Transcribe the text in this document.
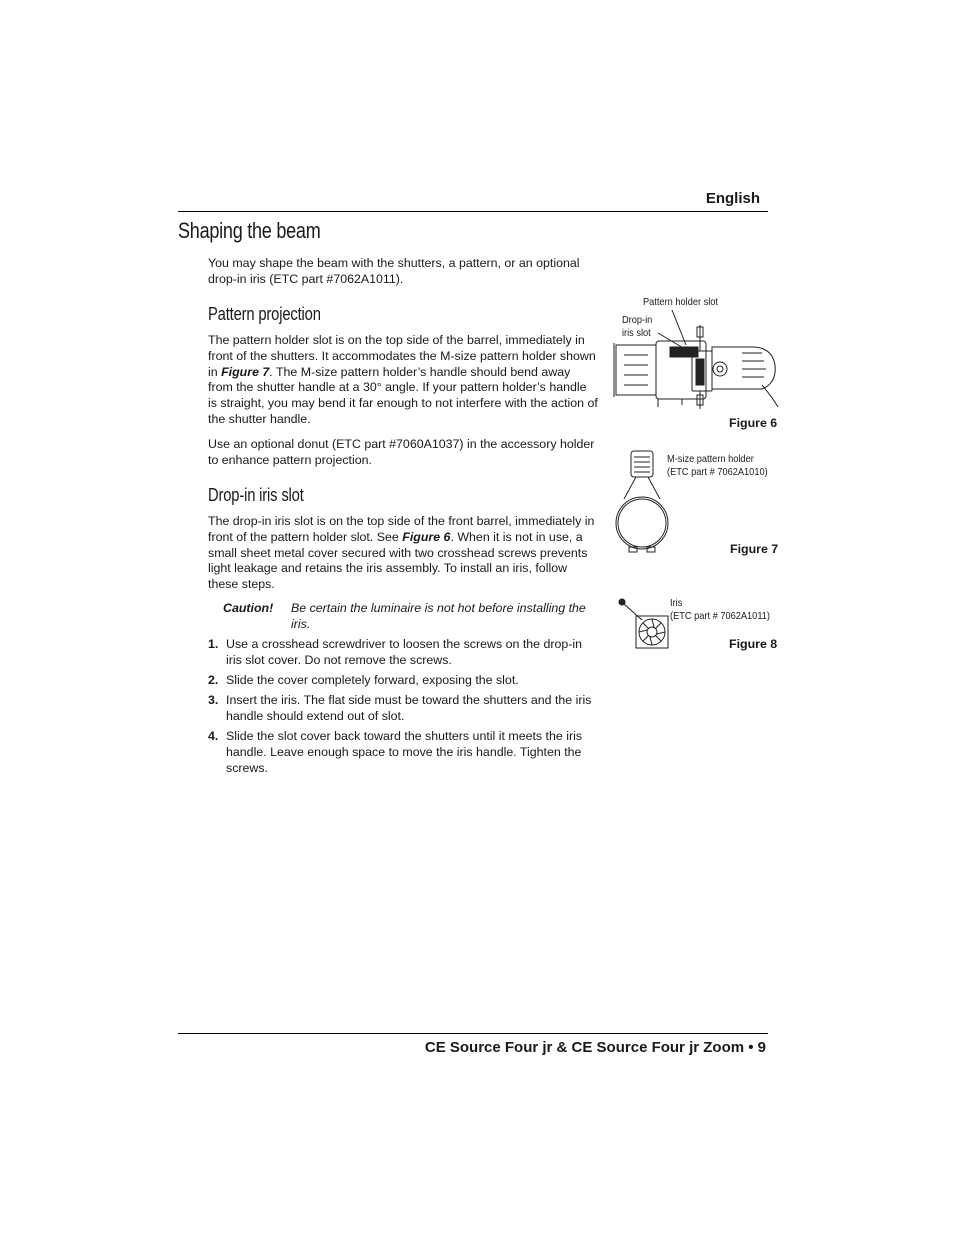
English
Shaping the beam

You may shape the beam with the shutters, a pattern, or an optional drop-in iris (ETC part #7062A1011).

Pattern projection

The pattern holder slot is on the top side of the barrel, immediately in front of the shutters. It accommodates the M-size pattern holder shown in Figure 7. The M-size pattern holder’s handle should bend away from the shutter handle at a 30° angle. If your pattern holder’s handle is straight, you may bend it far enough to not interfere with the action of the shutter handle.

Use an optional donut (ETC part #7060A1037) in the accessory holder to enhance pattern projection.

Drop-in iris slot

The drop-in iris slot is on the top side of the front barrel, immediately in front of the pattern holder slot. See Figure 6. When it is not in use, a small sheet metal cover secured with two crosshead screws prevents light leakage and retains the iris assembly. To install an iris, follow these steps.

Caution! Be certain the luminaire is not hot before installing the iris.
1. Use a crosshead screwdriver to loosen the screws on the drop-in iris slot cover. Do not remove the screws.
2. Slide the cover completely forward, exposing the slot.
3. Insert the iris. The flat side must be toward the shutters and the iris handle should extend out of slot.
4. Slide the slot cover back toward the shutters until it meets the iris handle. Leave enough space to move the iris handle. Tighten the screws.
Pattern holder slot
Drop-in
iris slot
Figure 6
M-size pattern holder
(ETC part # 7062A1010)
Figure 7
Iris
(ETC part # 7062A1011)
Figure 8
CE Source Four jr & CE Source Four jr Zoom • 9
